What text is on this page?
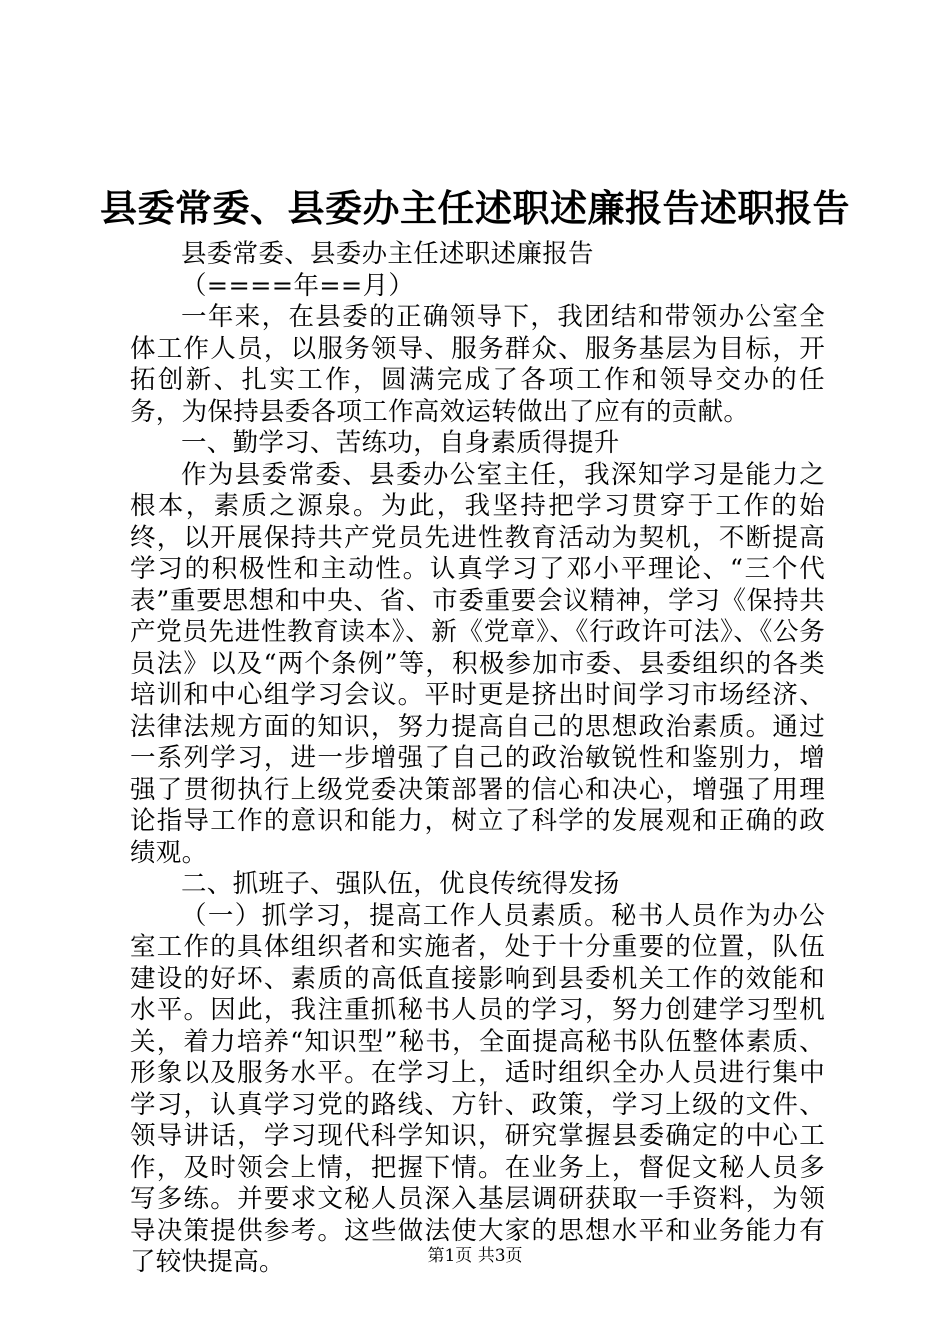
县委常委、县委办主任述职述廉报告述职报告

县委常委、县委办主任述职述廉报告

（====年==月）

一年来，在县委的正确领导下，我团结和带领办公室全体工作人员，以服务领导、服务群众、服务基层为目标，开拓创新、扎实工作，圆满完成了各项工作和领导交办的任务，为保持县委各项工作高效运转做出了应有的贡献。

一、勤学习、苦练功，自身素质得提升

作为县委常委、县委办公室主任，我深知学习是能力之根本，素质之源泉。为此，我坚持把学习贯穿于工作的始终，以开展保持共产党员先进性教育活动为契机，不断提高学习的积极性和主动性。认真学习了邓小平理论、“三个代表”重要思想和中央、省、市委重要会议精神，学习《保持共产党员先进性教育读本》、新《党章》、《行政许可法》、《公务员法》以及“两个条例”等，积极参加市委、县委组织的各类培训和中心组学习会议。平时更是挤出时间学习市场经济、法律法规方面的知识，努力提高自己的思想政治素质。通过一系列学习，进一步增强了自己的政治敏锐性和鉴别力，增强了贯彻执行上级党委决策部署的信心和决心，增强了用理论指导工作的意识和能力，树立了科学的发展观和正确的政绩观。

二、抓班子、强队伍，优良传统得发扬

（一）抓学习，提高工作人员素质。秘书人员作为办公室工作的具体组织者和实施者，处于十分重要的位置，队伍建设的好坏、素质的高低直接影响到县委机关工作的效能和水平。因此，我注重抓秘书人员的学习，努力创建学习型机关，着力培养“知识型”秘书，全面提高秘书队伍整体素质、形象以及服务水平。在学习上，适时组织全办人员进行集中学习，认真学习党的路线、方针、政策，学习上级的文件、领导讲话，学习现代科学知识，研究掌握县委确定的中心工作，及时领会上情，把握下情。在业务上，督促文秘人员多写多练。并要求文秘人员深入基层调研获取一手资料，为领导决策提供参考。这些做法使大家的思想水平和业务能力有了较快提高。	第1页 共3页
